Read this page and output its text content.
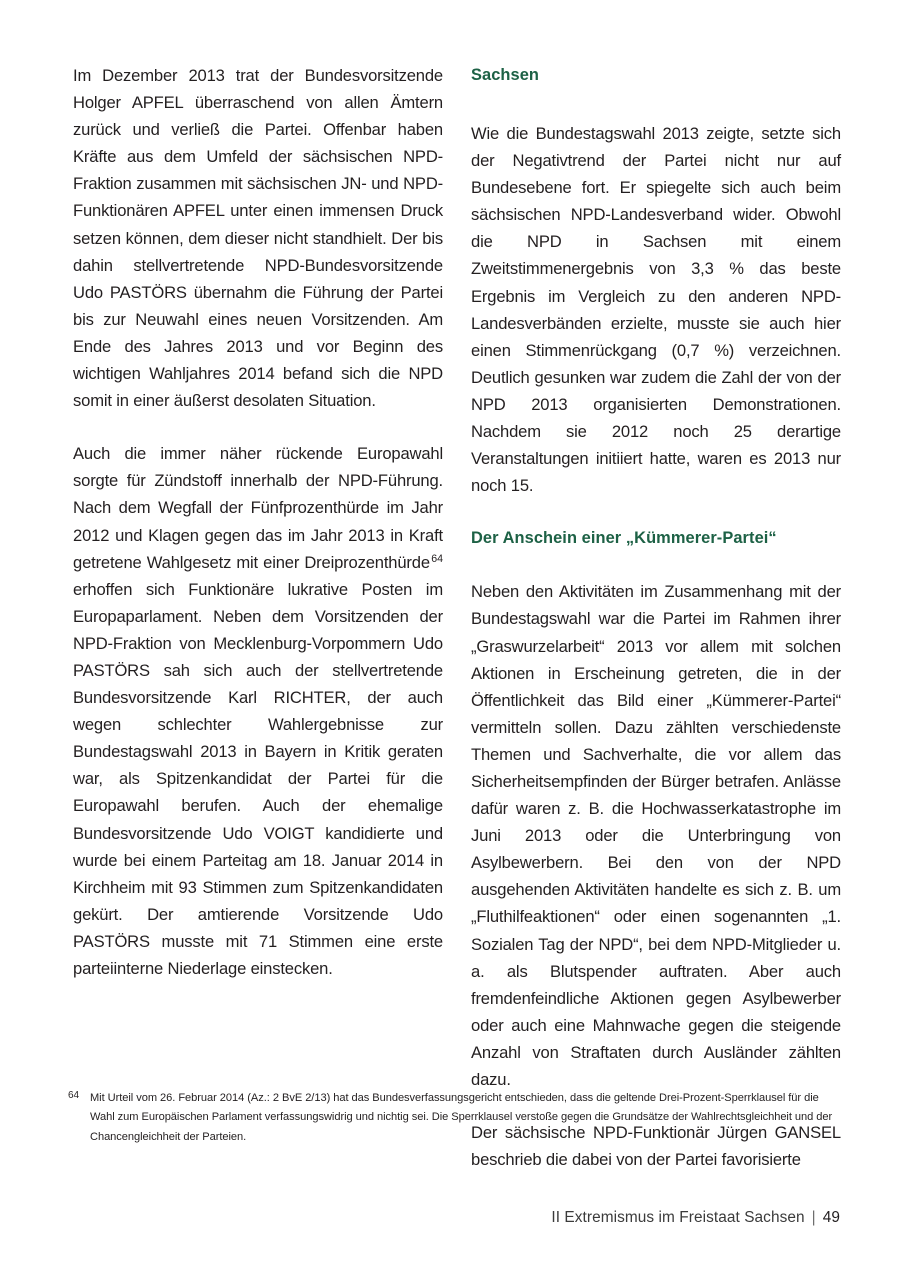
Im Dezember 2013 trat der Bundesvorsitzende Holger APFEL überraschend von allen Ämtern zurück und verließ die Partei. Offenbar haben Kräfte aus dem Umfeld der sächsischen NPD-Fraktion zusammen mit sächsischen JN- und NPD-Funktionären APFEL unter einen immensen Druck setzen können, dem dieser nicht standhielt. Der bis dahin stellvertretende NPD-Bundesvorsitzende Udo PASTÖRS übernahm die Führung der Partei bis zur Neuwahl eines neuen Vorsitzenden. Am Ende des Jahres 2013 und vor Beginn des wichtigen Wahljahres 2014 befand sich die NPD somit in einer äußerst desolaten Situation.

Auch die immer näher rückende Europawahl sorgte für Zündstoff innerhalb der NPD-Führung. Nach dem Wegfall der Fünfprozenthürde im Jahr 2012 und Klagen gegen das im Jahr 2013 in Kraft getretene Wahlgesetz mit einer Dreiprozenthürde$^{64}$ erhoffen sich Funktionäre lukrative Posten im Europaparlament. Neben dem Vorsitzenden der NPD-Fraktion von Mecklenburg-Vorpommern Udo PASTÖRS sah sich auch der stellvertretende Bundesvorsitzende Karl RICHTER, der auch wegen schlechter Wahlergebnisse zur Bundestagswahl 2013 in Bayern in Kritik geraten war, als Spitzenkandidat der Partei für die Europawahl berufen. Auch der ehemalige Bundesvorsitzende Udo VOIGT kandidierte und wurde bei einem Parteitag am 18. Januar 2014 in Kirchheim mit 93 Stimmen zum Spitzenkandidaten gekürt. Der amtierende Vorsitzende Udo PASTÖRS musste mit 71 Stimmen eine erste parteiinterne Niederlage einstecken.

Sachsen

Wie die Bundestagswahl 2013 zeigte, setzte sich der Negativtrend der Partei nicht nur auf Bundesebene fort. Er spiegelte sich auch beim sächsischen NPD-Landesverband wider. Obwohl die NPD in Sachsen mit einem Zweitstimmenergebnis von 3,3 % das beste Ergebnis im Vergleich zu den anderen NPD-Landesverbänden erzielte, musste sie auch hier einen Stimmenrückgang (0,7 %) verzeichnen. Deutlich gesunken war zudem die Zahl der von der NPD 2013 organisierten Demonstrationen. Nachdem sie 2012 noch 25 derartige Veranstaltungen initiiert hatte, waren es 2013 nur noch 15.

Der Anschein einer „Kümmerer-Partei“

Neben den Aktivitäten im Zusammenhang mit der Bundestagswahl war die Partei im Rahmen ihrer „Graswurzelarbeit“ 2013 vor allem mit solchen Aktionen in Erscheinung getreten, die in der Öffentlichkeit das Bild einer „Kümmerer-Partei“ vermitteln sollen. Dazu zählten verschiedenste Themen und Sachverhalte, die vor allem das Sicherheitsempfinden der Bürger betrafen. Anlässe dafür waren z. B. die Hochwasserkatastrophe im Juni 2013 oder die Unterbringung von Asylbewerbern. Bei den von der NPD ausgehenden Aktivitäten handelte es sich z. B. um „Fluthilfeaktionen“ oder einen sogenannten „1. Sozialen Tag der NPD“, bei dem NPD-Mitglieder u. a. als Blutspender auftraten. Aber auch fremdenfeindliche Aktionen gegen Asylbewerber oder auch eine Mahnwache gegen die steigende Anzahl von Straftaten durch Ausländer zählten dazu.

Der sächsische NPD-Funktionär Jürgen GANSEL beschrieb die dabei von der Partei favorisierte

64 Mit Urteil vom 26. Februar 2014 (Az.: 2 BvE 2/13) hat das Bundesverfassungsgericht entschieden, dass die geltende Drei-Prozent-Sperrklausel für die Wahl zum Europäischen Parlament verfassungswidrig und nichtig sei. Die Sperrklausel verstoße gegen die Grundsätze der Wahlrechtsgleichheit und der Chancengleichheit der Parteien.
II Extremismus im Freistaat Sachsen | 49
